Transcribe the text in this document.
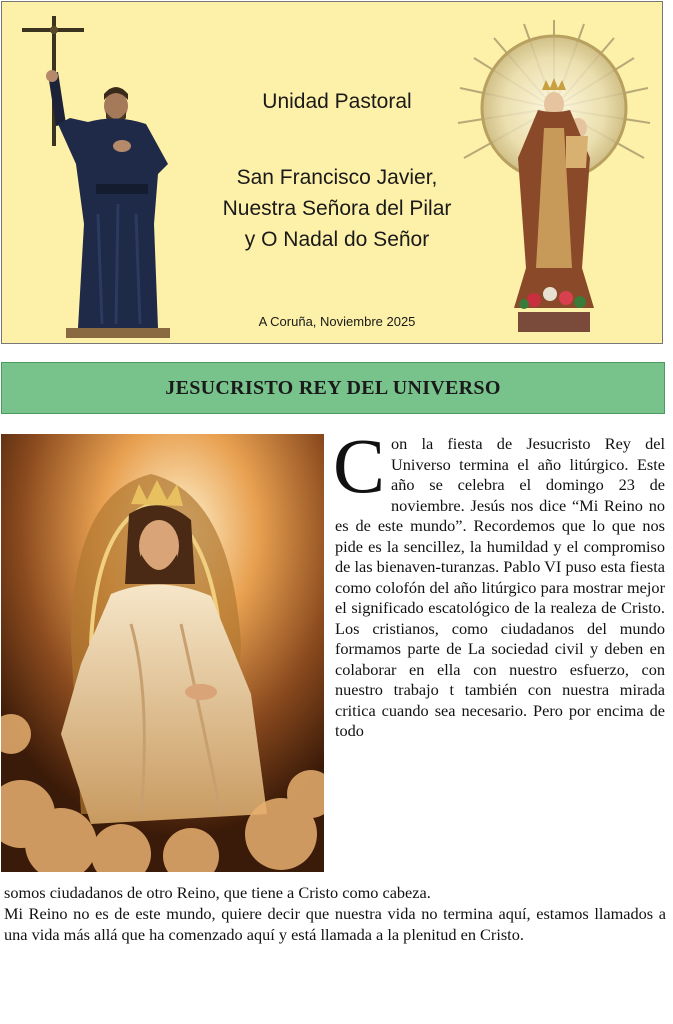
Unidad Pastoral
San Francisco Javier,
Nuestra Señora del Pilar
y O Nadal do Señor
A Coruña, Noviembre 2025
JESUCRISTO REY DEL UNIVERSO
Con la fiesta de Jesucristo Rey del Universo termina el año litúrgico. Este año se celebra el domingo 23 de noviembre. Jesús nos dice “Mi Reino no es de este mundo”. Recordemos que lo que nos pide es la sencillez, la humildad y el compromiso de las bienaven-turanzas. Pablo VI puso esta fiesta como colofón del año litúrgico para mostrar mejor el significado escatológico de la realeza de Cristo. Los cristianos, como ciudadanos del mundo formamos parte de La sociedad civil y deben en colaborar en ella con nuestro esfuerzo, con nuestro trabajo t también con nuestra mirada critica cuando sea necesario. Pero por encima de todo

somos ciudadanos de otro Reino, que tiene a Cristo como cabeza.

Mi Reino no es de este mundo, quiere decir que nuestra vida no termina aquí, estamos llamados a una vida más allá que ha comenzado aquí y está llamada a la plenitud en Cristo.
